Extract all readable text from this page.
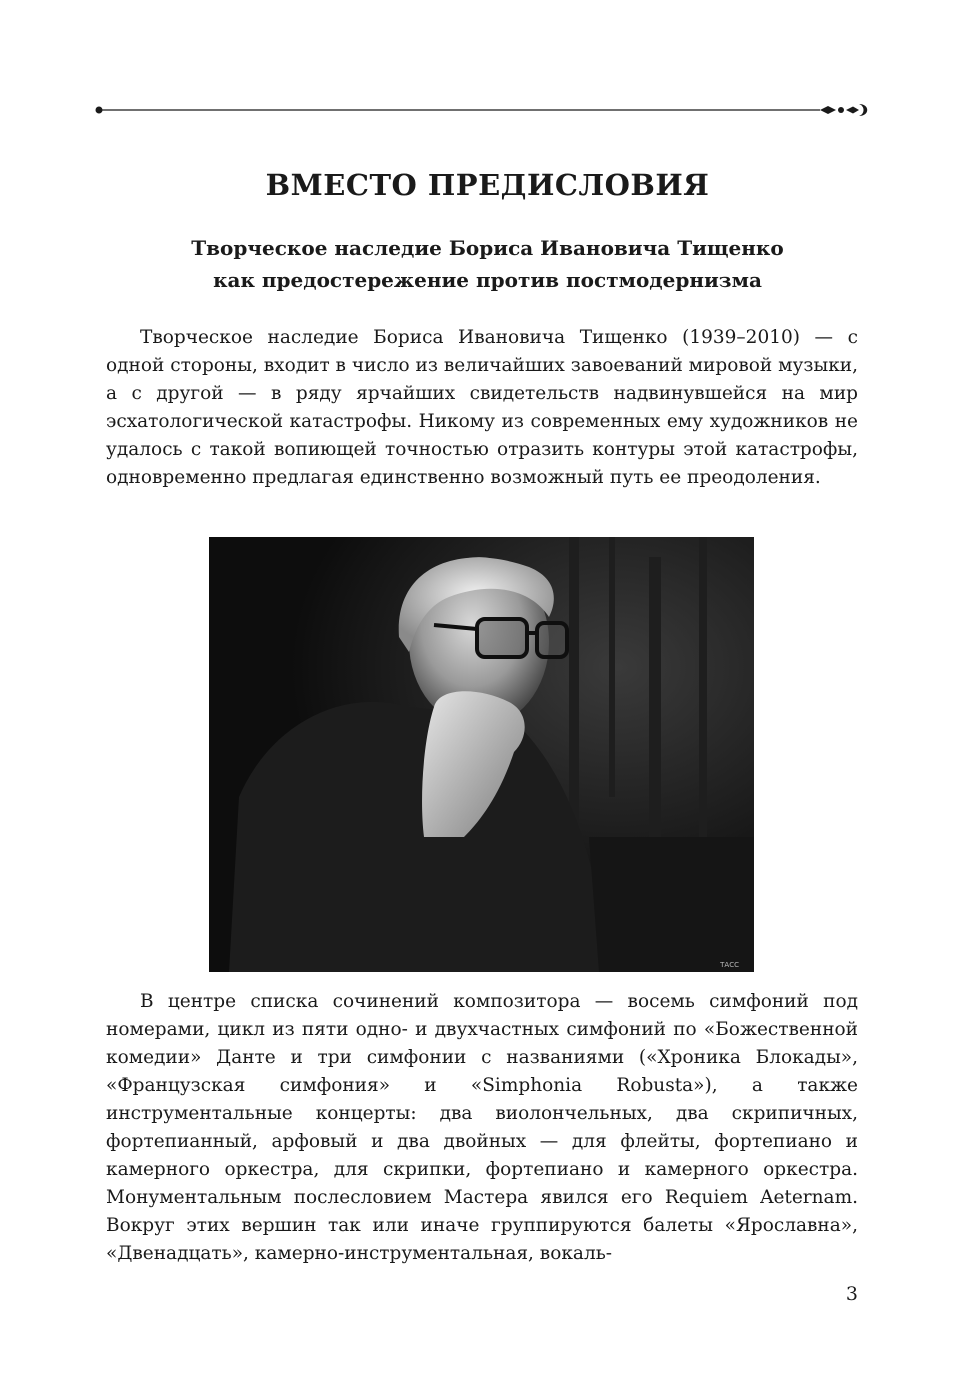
ВМЕСТО ПРЕДИСЛОВИЯ
Творческое наследие Бориса Ивановича Тищенко
как предостережение против постмодернизма

Творческое наследие Бориса Ивановича Тищенко (1939–2010) — с одной стороны, входит в число из величайших завоеваний мировой музыки, а с другой — в ряду ярчайших свидетельств надвинувшейся на мир эсхатологической катастрофы. Никому из современных ему художников не удалось с такой вопиющей точностью отразить контуры этой катастрофы, одновременно предлагая единственно возможный путь ее преодоления.

ТАСС

В центре списка сочинений композитора — восемь симфоний под номерами, цикл из пяти одно- и двухчастных симфоний по «Божественной комедии» Данте и три симфонии с названиями («Хроника Блокады», «Французская симфония» и «Simphonia Robusta»), а также инструментальные концерты: два виолончельных, два скрипичных, фортепианный, арфовый и два двойных — для флейты, фортепиано и камерного оркестра, для скрипки, фортепиано и камерного оркестра. Монументальным послесловием Мастера явился его Requiem Aeternam. Вокруг этих вершин так или иначе группируются балеты «Ярославна», «Двенадцать», камерно-инструментальная, вокаль-

3
